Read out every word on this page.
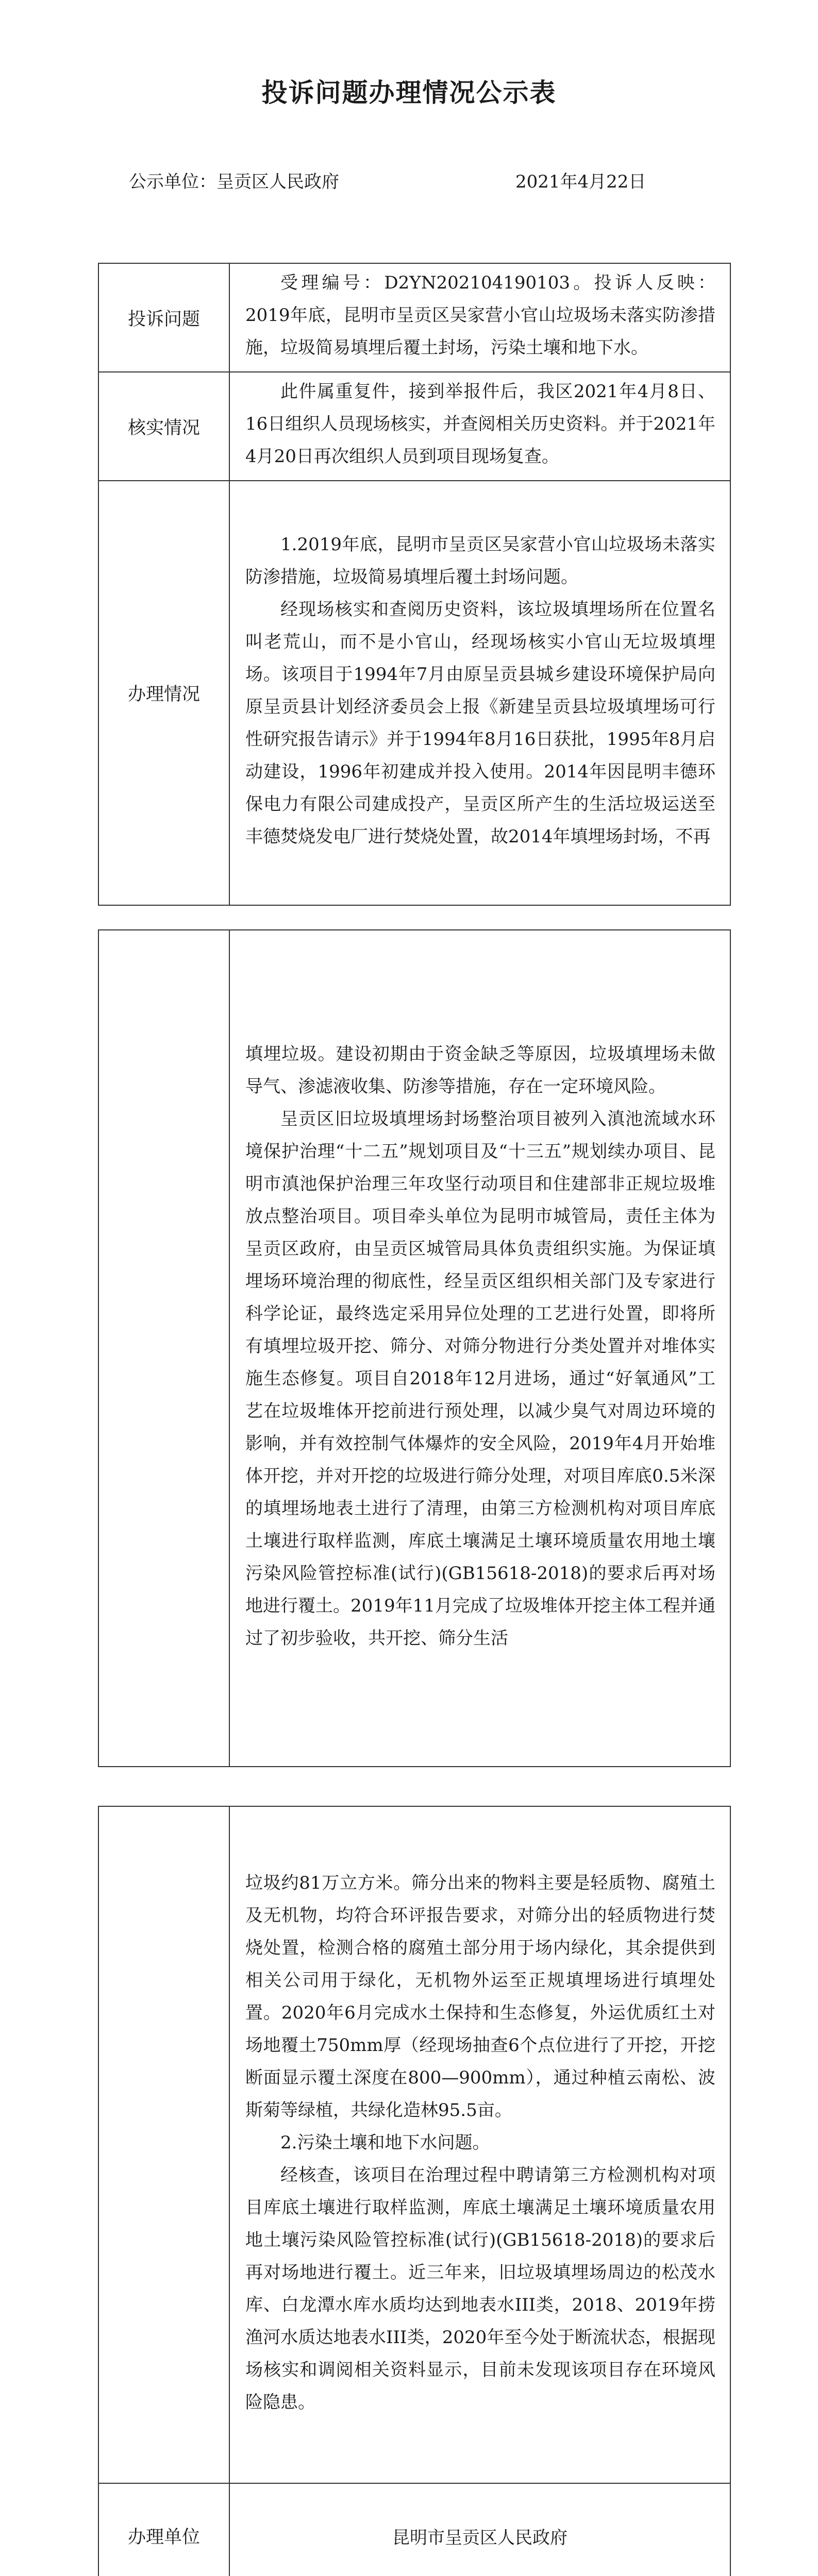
投诉问题办理情况公示表
公示单位：呈贡区人民政府	2021年4月22日
投诉问题	受理编号：D2YN202104190103。投诉人反映：2019年底，昆明市呈贡区吴家营小官山垃圾场未落实防渗措施，垃圾简易填埋后覆土封场，污染土壤和地下水。

核实情况	此件属重复件，接到举报件后，我区2021年4月8日、16日组织人员现场核实，并查阅相关历史资料。并于2021年4月20日再次组织人员到项目现场复查。

办理情况	1.2019年底，昆明市呈贡区吴家营小官山垃圾场未落实防渗措施，垃圾简易填埋后覆土封场问题。

经现场核实和查阅历史资料，该垃圾填埋场所在位置名叫老荒山，而不是小官山，经现场核实小官山无垃圾填埋场。该项目于1994年7月由原呈贡县城乡建设环境保护局向原呈贡县计划经济委员会上报《新建呈贡县垃圾填埋场可行性研究报告请示》并于1994年8月16日获批，1995年8月启动建设，1996年初建成并投入使用。2014年因昆明丰德环保电力有限公司建成投产，呈贡区所产生的生活垃圾运送至丰德焚烧发电厂进行焚烧处置，故2014年填埋场封场，不再

填埋垃圾。建设初期由于资金缺乏等原因，垃圾填埋场未做导气、渗滤液收集、防渗等措施，存在一定环境风险。

呈贡区旧垃圾填埋场封场整治项目被列入滇池流域水环境保护治理“十二五”规划项目及“十三五”规划续办项目、昆明市滇池保护治理三年攻坚行动项目和住建部非正规垃圾堆放点整治项目。项目牵头单位为昆明市城管局，责任主体为呈贡区政府，由呈贡区城管局具体负责组织实施。为保证填埋场环境治理的彻底性，经呈贡区组织相关部门及专家进行科学论证，最终选定采用异位处理的工艺进行处置，即将所有填埋垃圾开挖、筛分、对筛分物进行分类处置并对堆体实施生态修复。项目自2018年12月进场，通过“好氧通风”工艺在垃圾堆体开挖前进行预处理，以减少臭气对周边环境的影响，并有效控制气体爆炸的安全风险，2019年4月开始堆体开挖，并对开挖的垃圾进行筛分处理，对项目库底0.5米深的填埋场地表土进行了清理，由第三方检测机构对项目库底土壤进行取样监测，库底土壤满足土壤环境质量农用地土壤污染风险管控标准(试行)(GB15618-2018)的要求后再对场地进行覆土。2019年11月完成了垃圾堆体开挖主体工程并通过了初步验收，共开挖、筛分生活

	垃圾约81万立方米。筛分出来的物料主要是轻质物、腐殖土及无机物，均符合环评报告要求，对筛分出的轻质物进行焚烧处置，检测合格的腐殖土部分用于场内绿化，其余提供到相关公司用于绿化，无机物外运至正规填埋场进行填埋处置。2020年6月完成水土保持和生态修复，外运优质红土对场地覆土750mm厚（经现场抽查6个点位进行了开挖，开挖断面显示覆土深度在800—900mm），通过种植云南松、波斯菊等绿植，共绿化造林95.5亩。

2.污染土壤和地下水问题。

经核查，该项目在治理过程中聘请第三方检测机构对项目库底土壤进行取样监测，库底土壤满足土壤环境质量农用地土壤污染风险管控标准(试行)(GB15618-2018)的要求后再对场地进行覆土。近三年来，旧垃圾填埋场周边的松茂水库、白龙潭水库水质均达到地表水III类，2018、2019年捞渔河水质达地表水III类，2020年至今处于断流状态，根据现场核实和调阅相关资料显示，目前未发现该项目存在环境风险隐患。

办理单位	昆明市呈贡区人民政府
